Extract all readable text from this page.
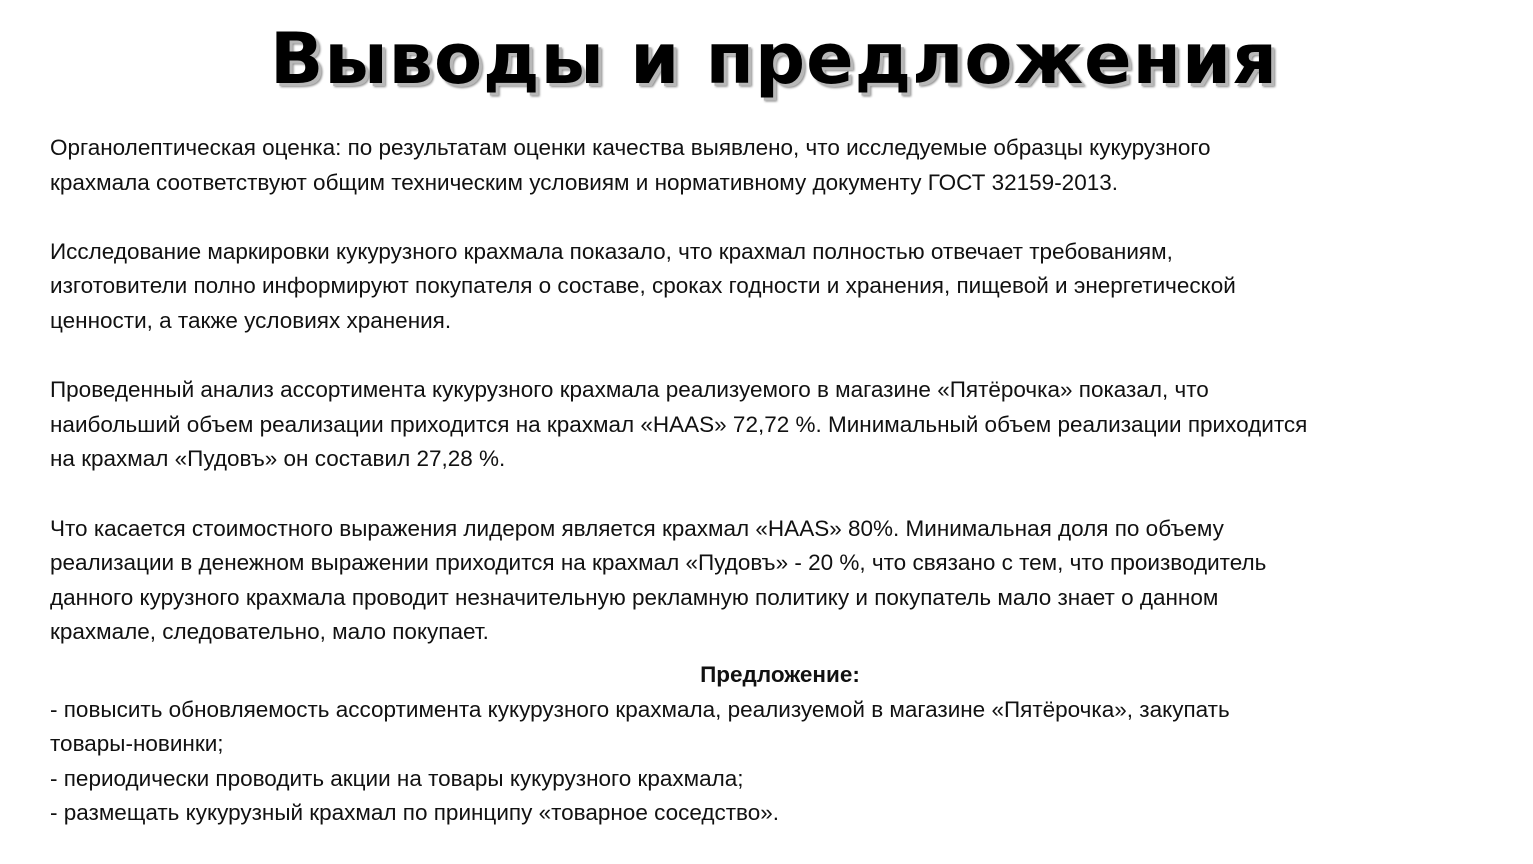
Выводы и предложения

Органолептическая оценка: по результатам оценки качества выявлено, что исследуемые образцы кукурузного
крахмала соответствуют общим техническим условиям и нормативному документу ГОСТ 32159-2013.

Исследование маркировки кукурузного крахмала показало, что крахмал полностью отвечает требованиям,
изготовители полно информируют покупателя о составе, сроках годности и хранения, пищевой и энергетической
ценности, а также условиях хранения.

Проведенный анализ ассортимента кукурузного крахмала реализуемого в магазине «Пятёрочка» показал, что
наибольший объем реализации приходится на крахмал «HAAS» 72,72 %. Минимальный объем реализации приходится
на крахмал «Пудовъ» он составил 27,28 %.

Что касается стоимостного выражения лидером является крахмал «HAAS» 80%. Минимальная доля по объему
реализации в денежном выражении приходится на крахмал «Пудовъ» - 20 %, что связано с тем, что производитель
данного курузного крахмала проводит незначительную рекламную политику и покупатель мало знает о данном
крахмале, следовательно, мало покупает.

Предложение:
- повысить обновляемость ассортимента кукурузного крахмала, реализуемой в магазине «Пятёрочка», закупать
товары-новинки;
- периодически проводить акции на товары кукурузного крахмала;
- размещать кукурузный крахмал по принципу «товарное соседство».
